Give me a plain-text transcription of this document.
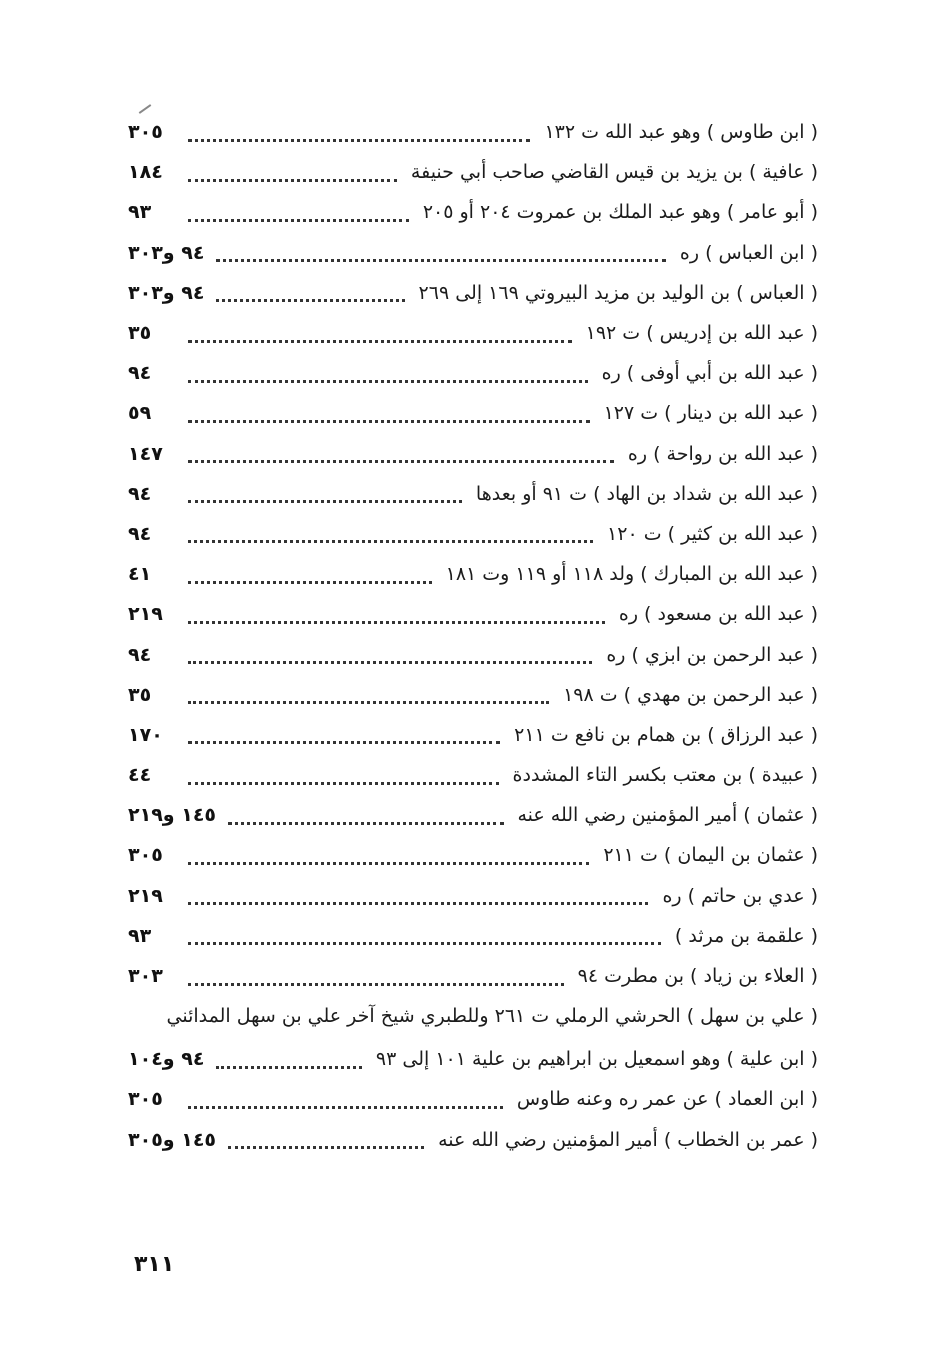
( ابن طاوس ) وهو عبد الله ت ١٣٢
٣٠٥
( عافية ) بن يزيد بن قيس القاضي صاحب أبي حنيفة
١٨٤
( أبو عامر ) وهو عبد الملك بن عمروت ٢٠٤ أو ٢٠٥
٩٣
( ابن العباس ) ره
٩٤ و٣٠٣
( العباس ) بن الوليد بن مزيد البيروتي ١٦٩ إلى ٢٦٩
٩٤ و٣٠٣
( عبد الله بن إدريس ) ت ١٩٢
٣٥
( عبد الله بن أبي أوفى ) ره
٩٤
( عبد الله بن دينار ) ت ١٢٧
٥٩
( عبد الله بن رواحة ) ره
١٤٧
( عبد الله بن شداد بن الهاد ) ت ٩١ أو بعدها
٩٤
( عبد الله بن كثير ) ت ١٢٠
٩٤
( عبد الله بن المبارك ) ولد ١١٨ أو ١١٩ وت ١٨١
٤١
( عبد الله بن مسعود ) ره
٢١٩
( عبد الرحمن بن ابزي ) ره
٩٤
( عبد الرحمن بن مهدي ) ت ١٩٨
٣٥
( عبد الرزاق ) بن همام بن نافع ت ٢١١
١٧٠
( عبيدة ) بن معتب بكسر التاء المشددة
٤٤
( عثمان ) أمير المؤمنين رضي الله عنه
١٤٥ و٢١٩
( عثمان بن اليمان ) ت ٢١١
٣٠٥
( عدي بن حاتم ) ره
٢١٩
( علقمة بن مرثد )
٩٣
( العلاء بن زياد ) بن مطرت ٩٤
٣٠٣
( علي بن سهل ) الحرشي الرملي ت ٢٦١ وللطبري شيخ آخر علي بن سهل المدائني
( ابن علية ) وهو اسمعيل بن ابراهيم بن علية ١٠١ إلى ٩٣
٩٤ و١٠٤
( ابن العماد ) عن عمر ره وعنه طاوس
٣٠٥
( عمر بن الخطاب ) أمير المؤمنين رضي الله عنه
١٤٥ و٣٠٥
٣١١
